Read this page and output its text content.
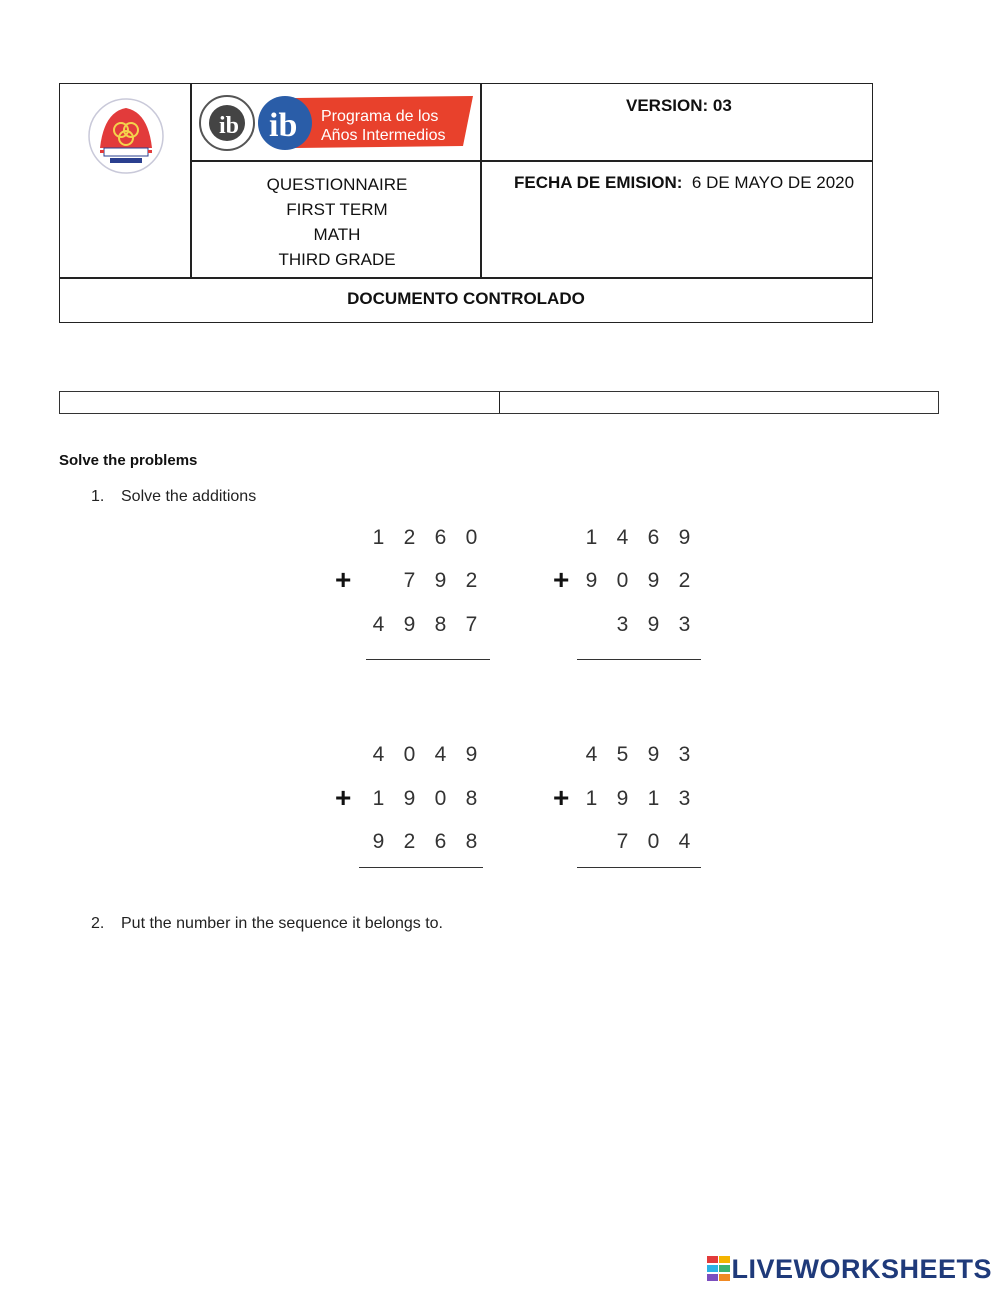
ib ib Programa de los
Años Intermedios
VERSION: 03
QUESTIONNAIRE
FIRST TERM
MATH
THIRD GRADE
FECHA DE EMISION: 6 DE MAYO DE 2020
DOCUMENTO CONTROLADO
Solve the problems
1. Solve the additions
1 2 6 0
+	7 9 2
4 9 8 7
1 4 6 9
+ 9 0 9 2
3 9 3
4 0 4 9
+	1 9 0 8
9 2 6 8
4 5 9 3
+ 1 9 1 3
7 0 4
2. Put the number in the sequence it belongs to.
LIVEWORKSHEETS
